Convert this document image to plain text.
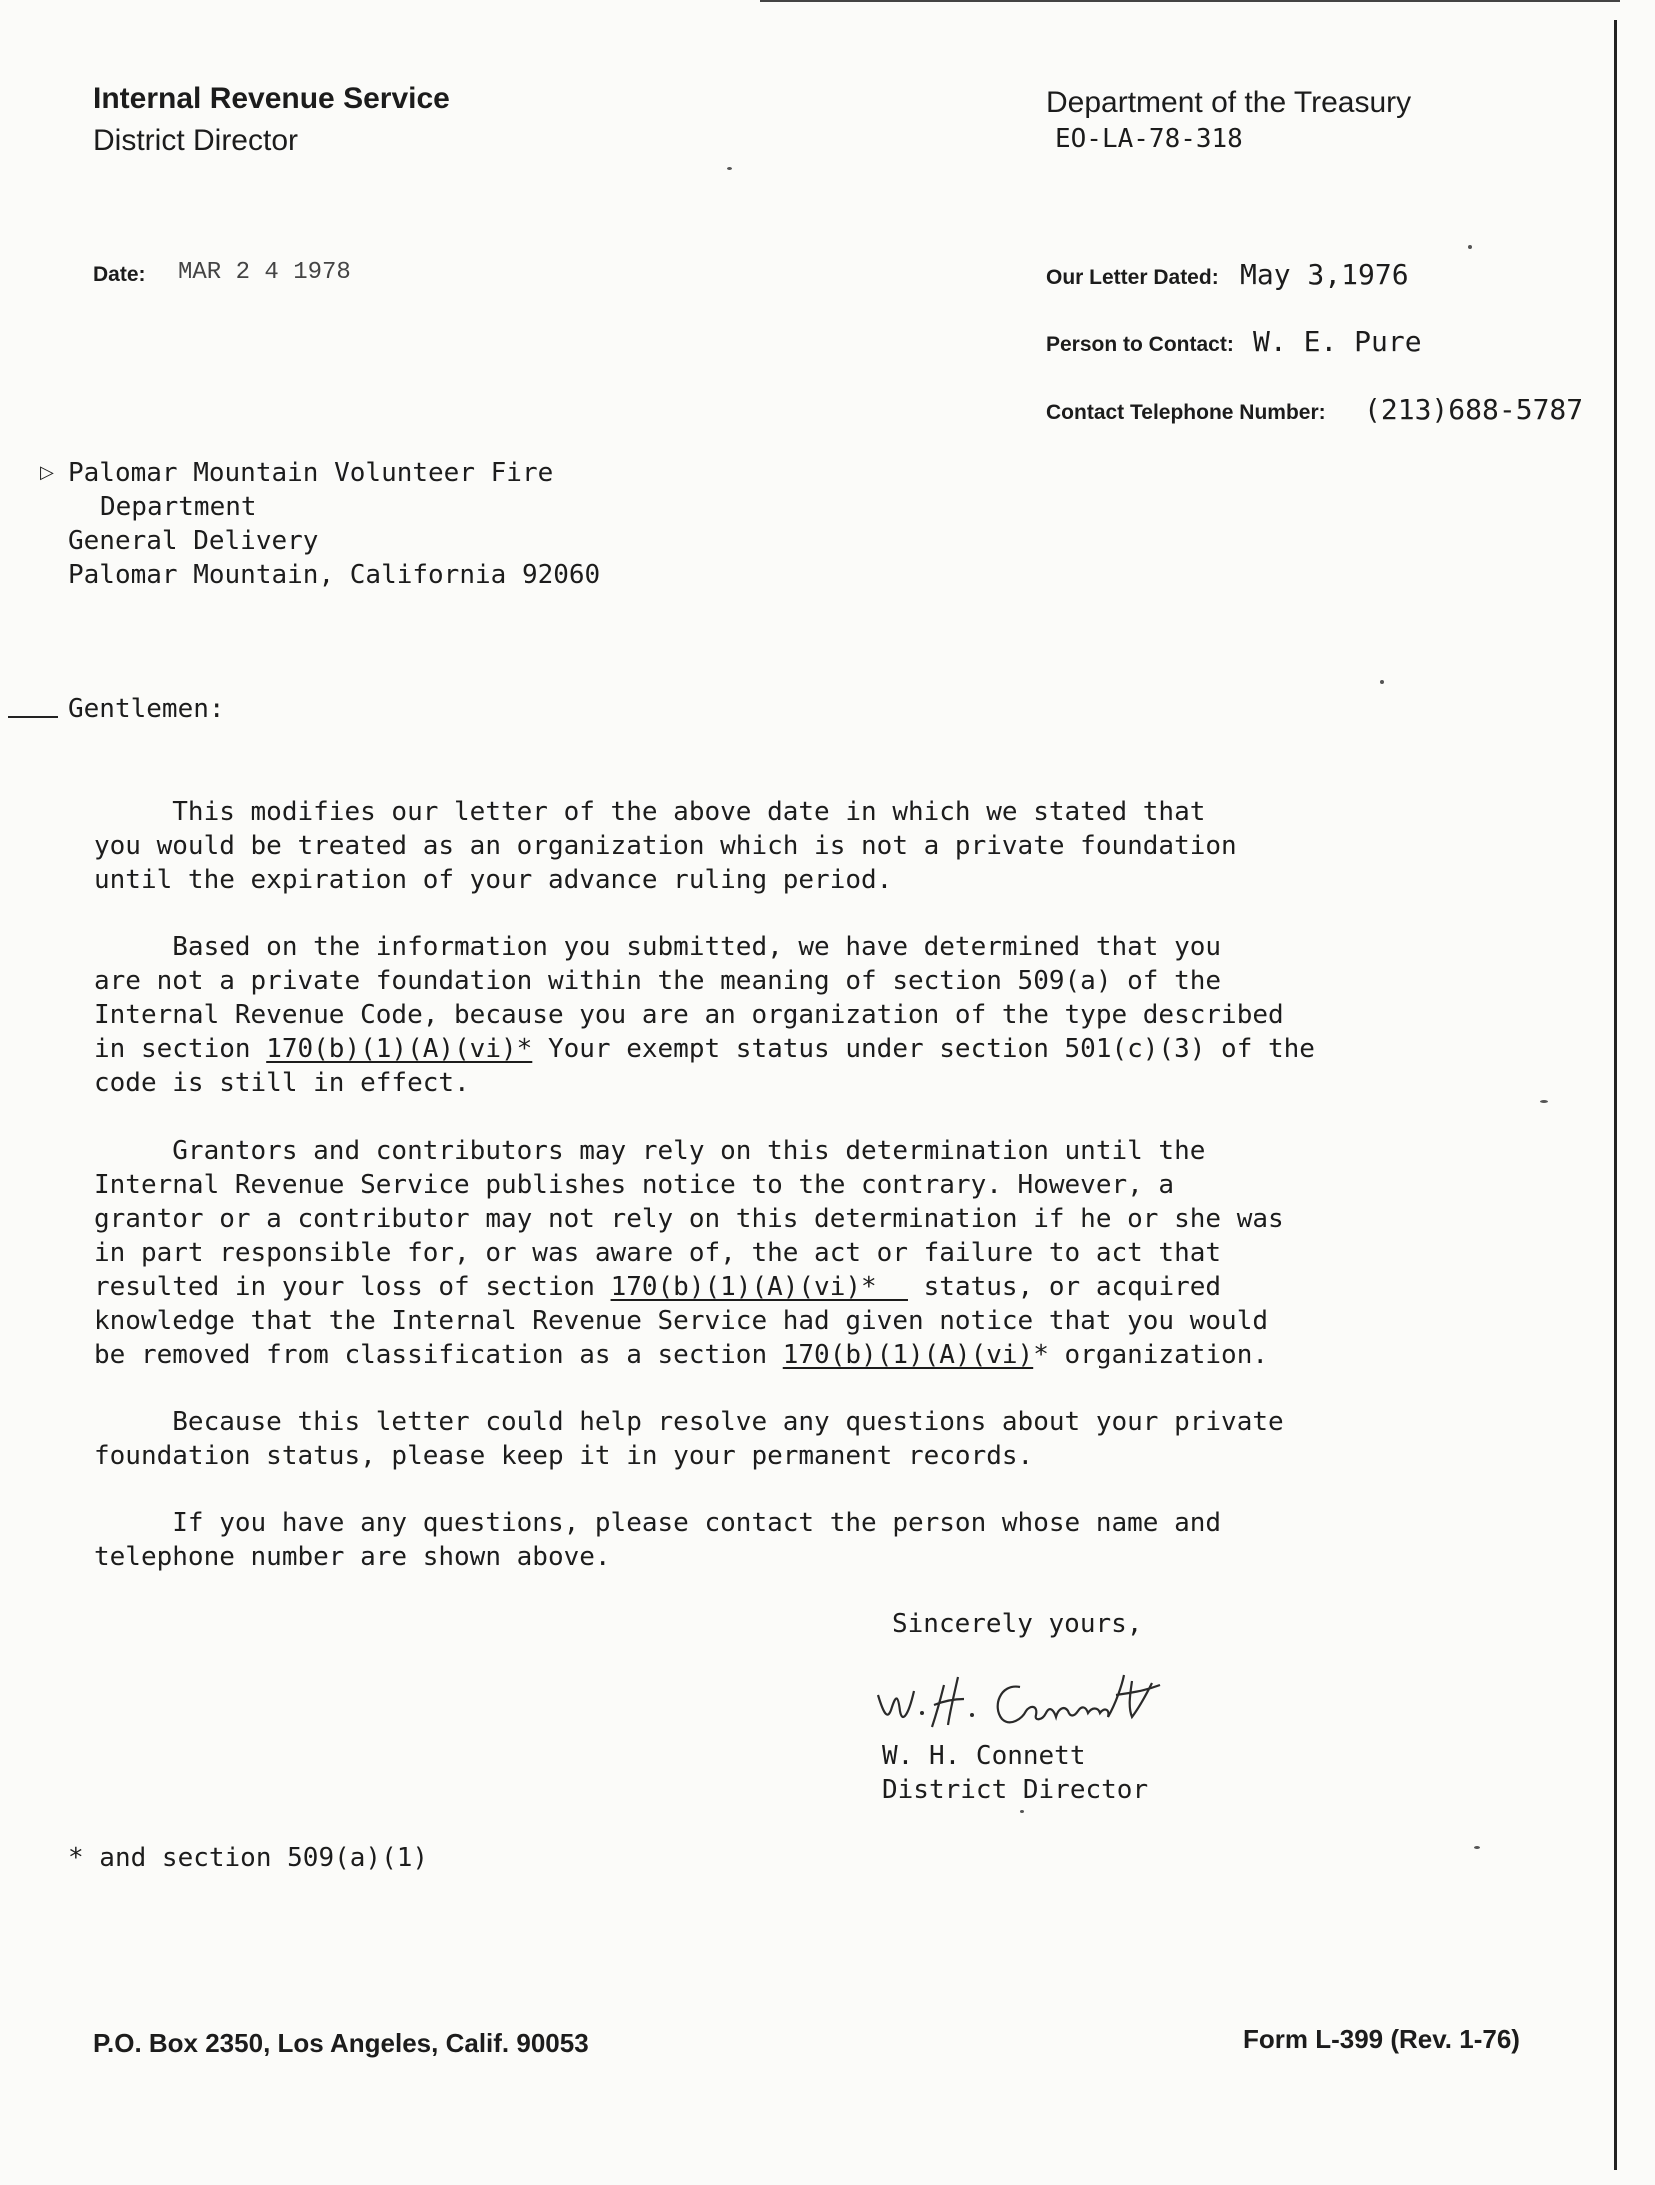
Internal Revenue Service
District Director
Department of the Treasury
EO-LA-78-318
Date: MAR 2 4 1978	Our Letter Dated: May 3,1976
Person to Contact: W. E. Pure
Contact Telephone Number: (213)688-5787
▷ Palomar Mountain Volunteer Fire
Department
General Delivery
Palomar Mountain, California 92060
Gentlemen:
This modifies our letter of the above date in which we stated that
you would be treated as an organization which is not a private foundation
until the expiration of your advance ruling period.
Based on the information you submitted, we have determined that you
are not a private foundation within the meaning of section 509(a) of the
Internal Revenue Code, because you are an organization of the type described
in section 170(b)(1)(A)(vi)* Your exempt status under section 501(c)(3) of the
code is still in effect.
Grantors and contributors may rely on this determination until the
Internal Revenue Service publishes notice to the contrary. However, a
grantor or a contributor may not rely on this determination if he or she was
in part responsible for, or was aware of, the act or failure to act that
resulted in your loss of section 170(b)(1)(A)(vi)*   status, or acquired
knowledge that the Internal Revenue Service had given notice that you would
be removed from classification as a section 170(b)(1)(A)(vi)* organization.
Because this letter could help resolve any questions about your private
foundation status, please keep it in your permanent records.
If you have any questions, please contact the person whose name and
telephone number are shown above.
Sincerely yours,
W. H. Connett
District Director
* and section 509(a)(1)
P.O. Box 2350, Los Angeles, Calif. 90053	Form L-399 (Rev. 1-76)
